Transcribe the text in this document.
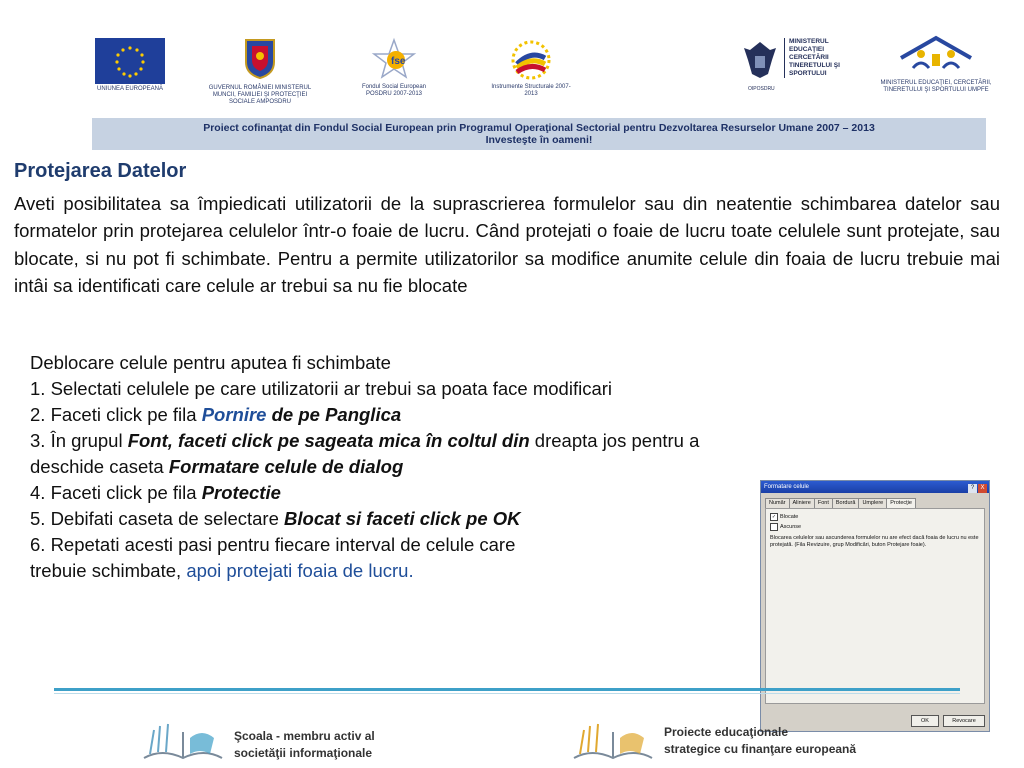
UNIUNEA EUROPEANĂ	GUVERNUL ROMÂNIEI MINISTERUL MUNCII, FAMILIEI ŞI PROTECŢIEI SOCIALE AMPOSDRU
fse
Fondul Social European POSDRU 2007-2013
Instrumente Structurale 2007-2013
MINISTERUL EDUCAŢIEI CERCETĂRII TINERETULUI ŞI SPORTULUI
OIPOSDRU
MINISTERUL EDUCAŢIEI, CERCETĂRII, TINERETULUI ŞI SPORTULUI UMPFE
Proiect cofinanţat din Fondul Social European prin Programul Operaţional Sectorial pentru Dezvoltarea Resurselor Umane 2007 – 2013
Investeşte în oameni!
Protejarea Datelor

Aveti posibilitatea sa împiedicati utilizatorii de la suprascrierea formulelor sau din neatentie schimbarea datelor sau formatelor prin protejarea celulelor într-o foaie de lucru. Când protejati o foaie de lucru toate celulele sunt protejate, sau blocate, si nu pot fi schimbate. Pentru a permite utilizatorilor sa modifice anumite celule din foaia de lucru trebuie mai intâi sa identificati care celule ar trebui sa nu fie blocate

Deblocare celule pentru aputea fi schimbate
1. Selectati celulele pe care utilizatorii ar trebui sa poata face modificari
2. Faceti click pe fila Pornire de pe Panglica
3. În grupul Font, faceti click pe sageata mica în coltul din dreapta jos pentru a
deschide caseta Formatare celule de dialog
4. Faceti click pe fila Protectie
5. Debifati caseta de selectare Blocat si faceti click pe OK
6. Repetati acesti pasi pentru fiecare interval de celule care
trebuie schimbate, apoi protejati foaia de lucru.
Formatare celule	? X
Număr Aliniere Font Bordură Umplere Protecţie
✓ Blocate
Ascunse
Blocarea celulelor sau ascunderea formulelor nu are efect dacă foaia de lucru nu este protejată. (Fila Revizuire, grup Modificări, buton Protejare foaie).
OK	Revocare
Şcoala - membru activ al
societăţii informaţionale
Proiecte educaţionale
strategice cu finanţare europeană
